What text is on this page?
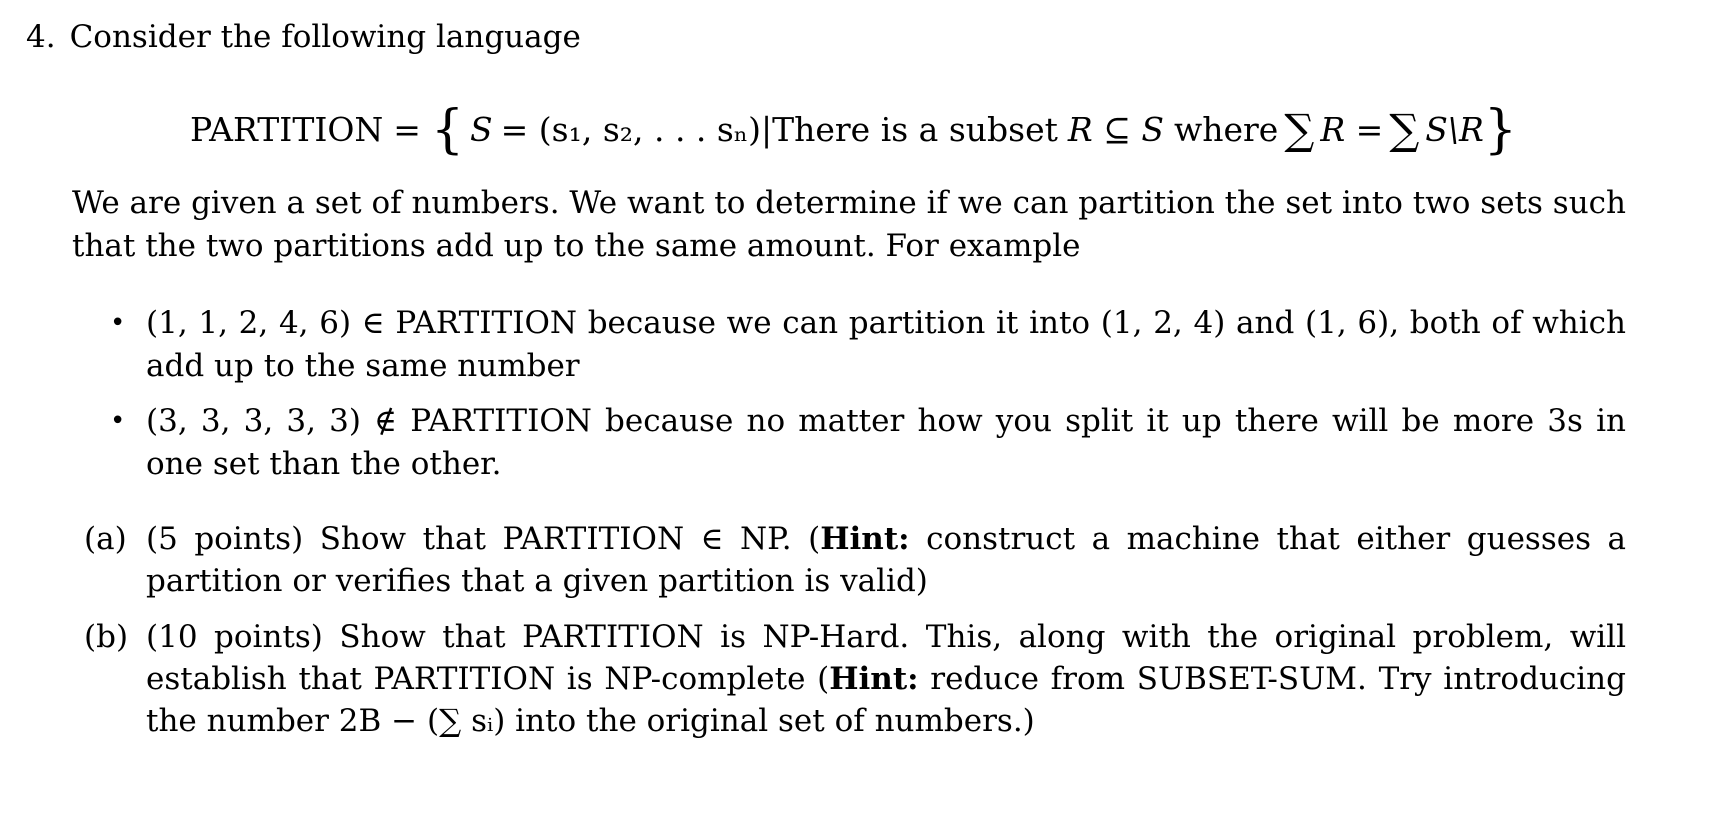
4. Consider the following language
PARTITION = { S = (s₁, s₂, . . . sₙ)| There is a subset R ⊆ S where ∑ R = ∑ S\R }
We are given a set of numbers. We want to determine if we can partition the set into two sets such that the two partitions add up to the same amount. For example
• (1, 1, 2, 4, 6) ∈ PARTITION because we can partition it into (1, 2, 4) and (1, 6), both of which add up to the same number
• (3, 3, 3, 3, 3) ∉ PARTITION because no matter how you split it up there will be more 3s in one set than the other.
(a) (5 points) Show that PARTITION ∈ NP. (Hint: construct a machine that either guesses a partition or verifies that a given partition is valid)
(b) (10 points) Show that PARTITION is NP-Hard. This, along with the original problem, will establish that PARTITION is NP-complete (Hint: reduce from SUBSET-SUM. Try introducing the number 2B − (∑ sᵢ) into the original set of numbers.)
